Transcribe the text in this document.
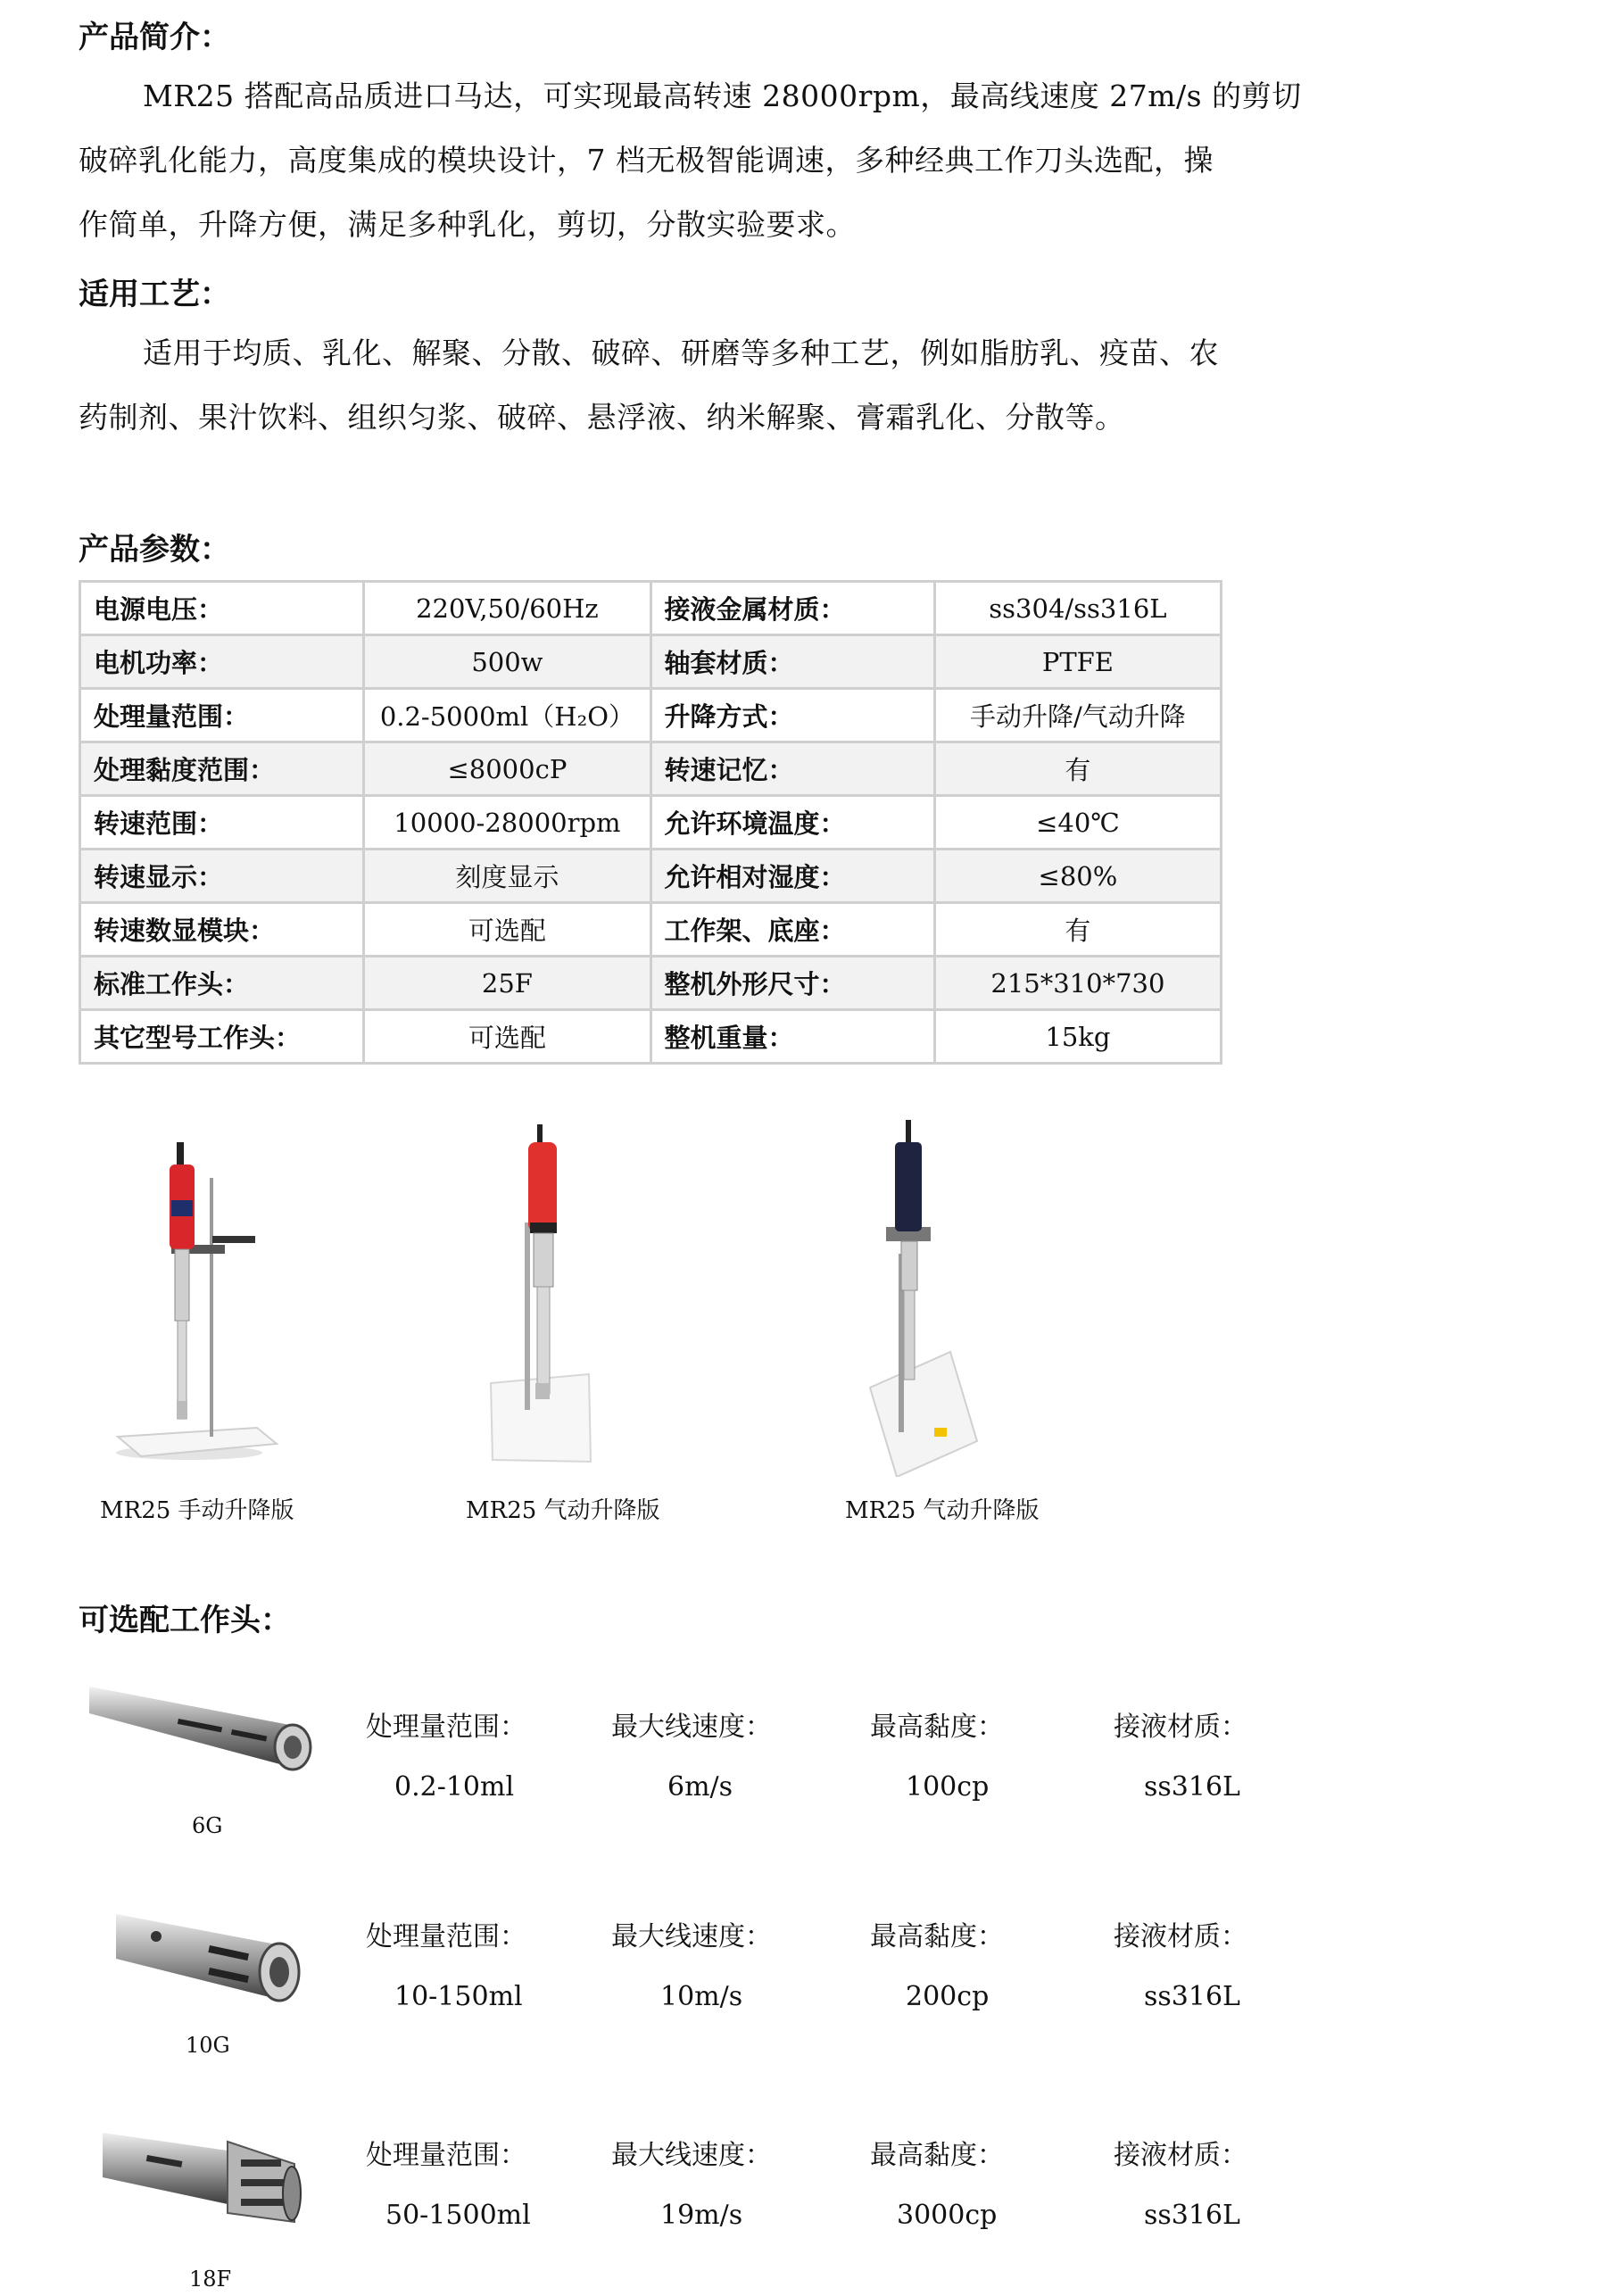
产品简介：
MR25 搭配高品质进口马达，可实现最高转速 28000rpm，最高线速度 27m/s 的剪切
破碎乳化能力，高度集成的模块设计，7 档无极智能调速，多种经典工作刀头选配，操
作简单，升降方便，满足多种乳化，剪切，分散实验要求。
适用工艺：
适用于均质、乳化、解聚、分散、破碎、研磨等多种工艺，例如脂肪乳、疫苗、农
药制剂、果汁饮料、组织匀浆、破碎、悬浮液、纳米解聚、膏霜乳化、分散等。
产品参数：
电源电压：	220V,50/60Hz	接液金属材质：	ss304/ss316L
电机功率：	500w	轴套材质：	PTFE
处理量范围：	0.2-5000ml（H₂O）	升降方式：	手动升降/气动升降
处理黏度范围：	≤8000cP	转速记忆：	有
转速范围：	10000-28000rpm	允许环境温度：	≤40℃
转速显示：	刻度显示	允许相对湿度：	≤80%
转速数显模块：	可选配	工作架、底座：	有
标准工作头：	25F	整机外形尺寸：	215*310*730
其它型号工作头：	可选配	整机重量：	15kg
MR25 手动升降版	MR25 气动升降版	MR25 气动升降版
可选配工作头：
6G
处理量范围：	最大线速度：	最高黏度：	接液材质：
0.2-10ml	6m/s	100cp	ss316L
10G
处理量范围：	最大线速度：	最高黏度：	接液材质：
10-150ml	10m/s	200cp	ss316L
18F
处理量范围：	最大线速度：	最高黏度：	接液材质：
50-1500ml	19m/s	3000cp	ss316L
